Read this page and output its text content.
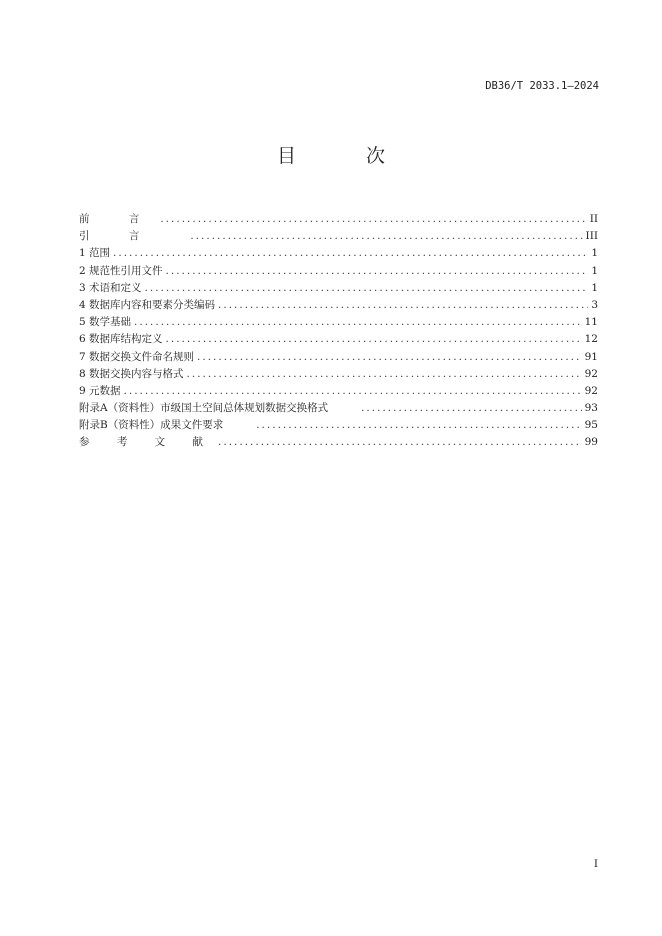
DB36/T 2033.1—2024
目 次
前 言 .....	II
引 言 .....	III
1 范围 .....	1
2 规范性引用文件 .....	1
3 术语和定义 .....	1
4 数据库内容和要素分类编码 .....	3
5 数学基础 .....	11
6 数据库结构定义 .....	12
7 数据交换文件命名规则 .....	91
8 数据交换内容与格式 .....	92
9 元数据 .....	92
附录A（资料性）市级国土空间总体规划数据交换格式 .....	93
附录B（资料性）成果文件要求 .....	95
参 考 文 献 .....	99
I
